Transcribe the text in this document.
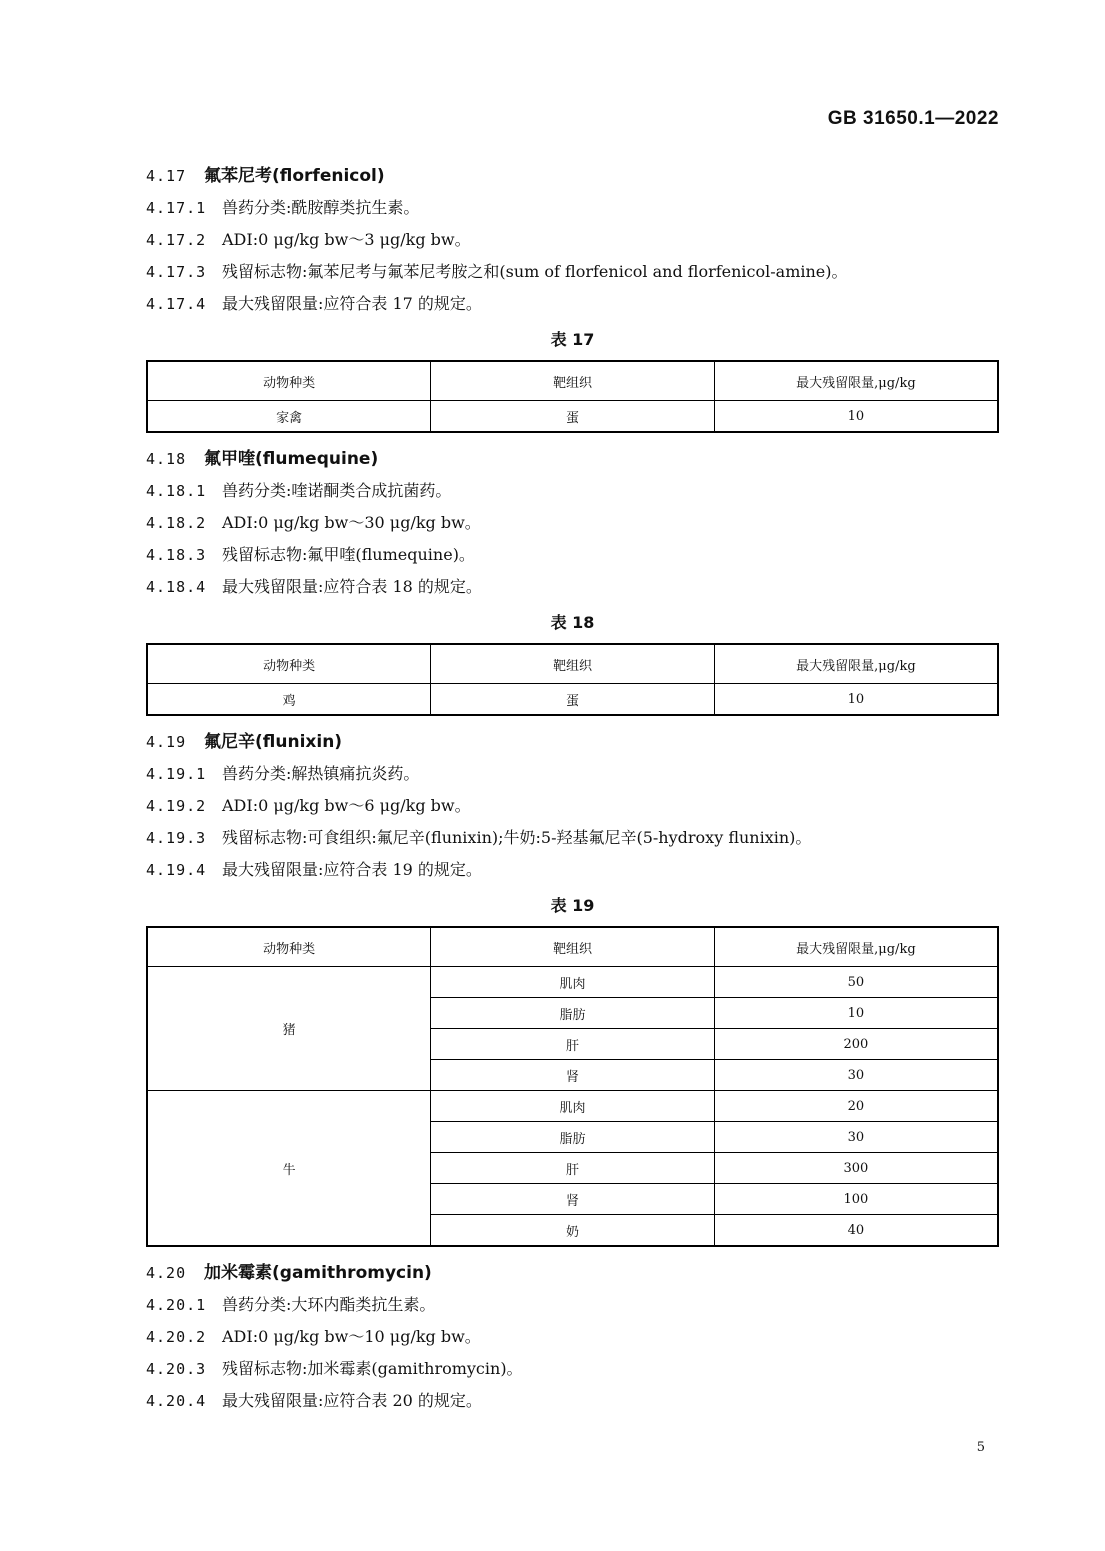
GB 31650.1—2022
4.17 氟苯尼考(florfenicol)
4.17.1 兽药分类:酰胺醇类抗生素。
4.17.2 ADI:0 μg/kg bw～3 μg/kg bw。
4.17.3 残留标志物:氟苯尼考与氟苯尼考胺之和(sum of florfenicol and florfenicol-amine)。
4.17.4 最大残留限量:应符合表 17 的规定。
表 17
动物种类	靶组织	最大残留限量,μg/kg
家禽	蛋	10
4.18 氟甲喹(flumequine)
4.18.1 兽药分类:喹诺酮类合成抗菌药。
4.18.2 ADI:0 μg/kg bw～30 μg/kg bw。
4.18.3 残留标志物:氟甲喹(flumequine)。
4.18.4 最大残留限量:应符合表 18 的规定。
表 18
动物种类	靶组织	最大残留限量,μg/kg
鸡	蛋	10
4.19 氟尼辛(flunixin)
4.19.1 兽药分类:解热镇痛抗炎药。
4.19.2 ADI:0 μg/kg bw～6 μg/kg bw。
4.19.3 残留标志物:可食组织:氟尼辛(flunixin);牛奶:5-羟基氟尼辛(5-hydroxy flunixin)。
4.19.4 最大残留限量:应符合表 19 的规定。
表 19
动物种类	靶组织	最大残留限量,μg/kg
猪	肌肉	50
	脂肪	10
	肝	200
	肾	30
牛	肌肉	20
	脂肪	30
	肝	300
	肾	100
	奶	40
4.20 加米霉素(gamithromycin)
4.20.1 兽药分类:大环内酯类抗生素。
4.20.2 ADI:0 μg/kg bw～10 μg/kg bw。
4.20.3 残留标志物:加米霉素(gamithromycin)。
4.20.4 最大残留限量:应符合表 20 的规定。
5
